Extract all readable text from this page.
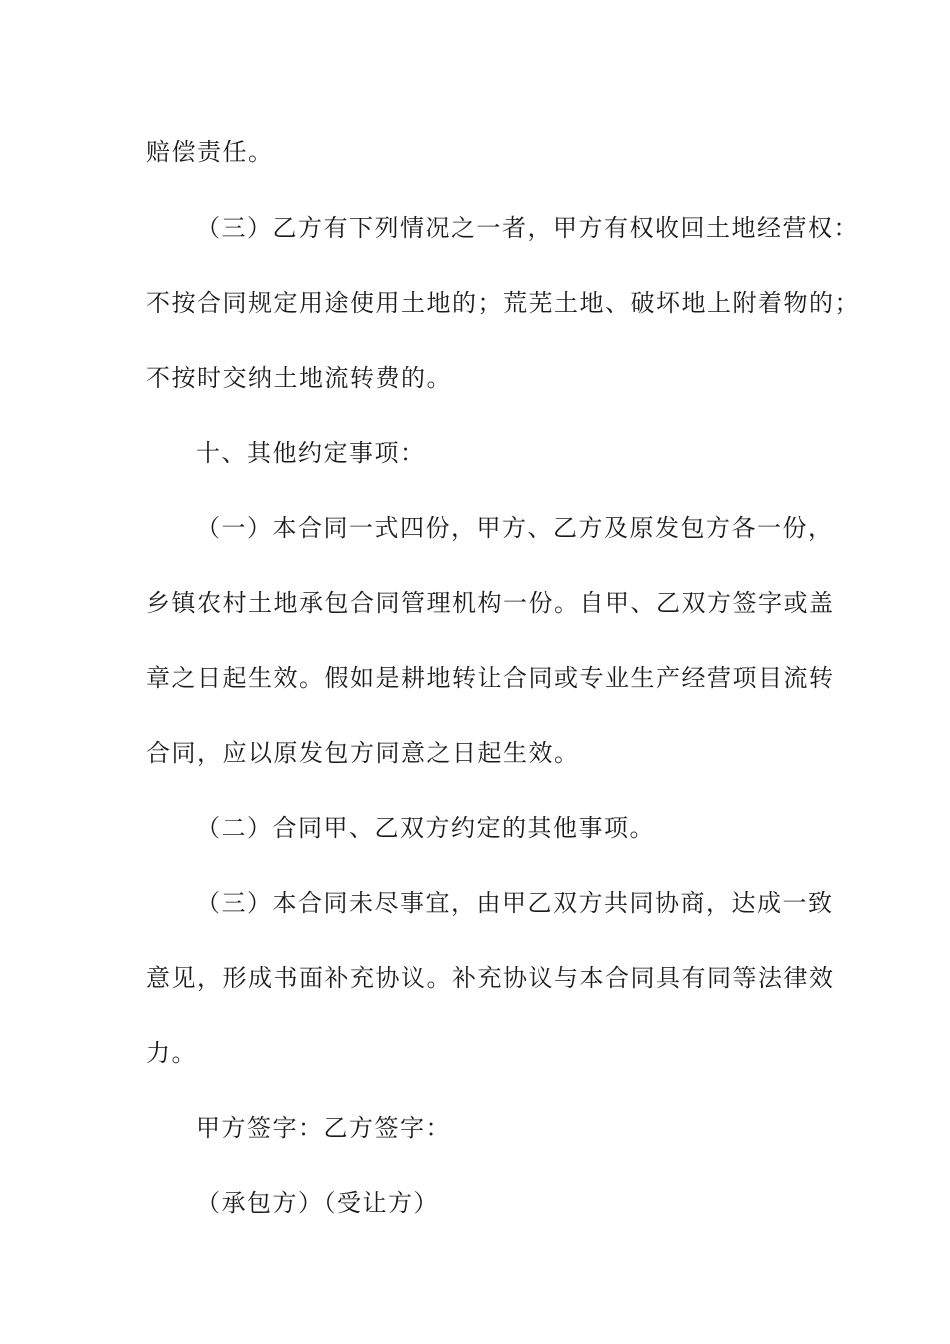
赔偿责任。
（三）乙方有下列情况之一者，甲方有权收回土地经营权：
不按合同规定用途使用土地的；荒芜土地、破坏地上附着物的；
不按时交纳土地流转费的。
十、其他约定事项：
（一）本合同一式四份，甲方、乙方及原发包方各一份，
乡镇农村土地承包合同管理机构一份。自甲、乙双方签字或盖
章之日起生效。假如是耕地转让合同或专业生产经营项目流转
合同，应以原发包方同意之日起生效。
（二）合同甲、乙双方约定的其他事项。
（三）本合同未尽事宜，由甲乙双方共同协商，达成一致
意见，形成书面补充协议。补充协议与本合同具有同等法律效
力。
甲方签字：乙方签字：
（承包方）（受让方）
